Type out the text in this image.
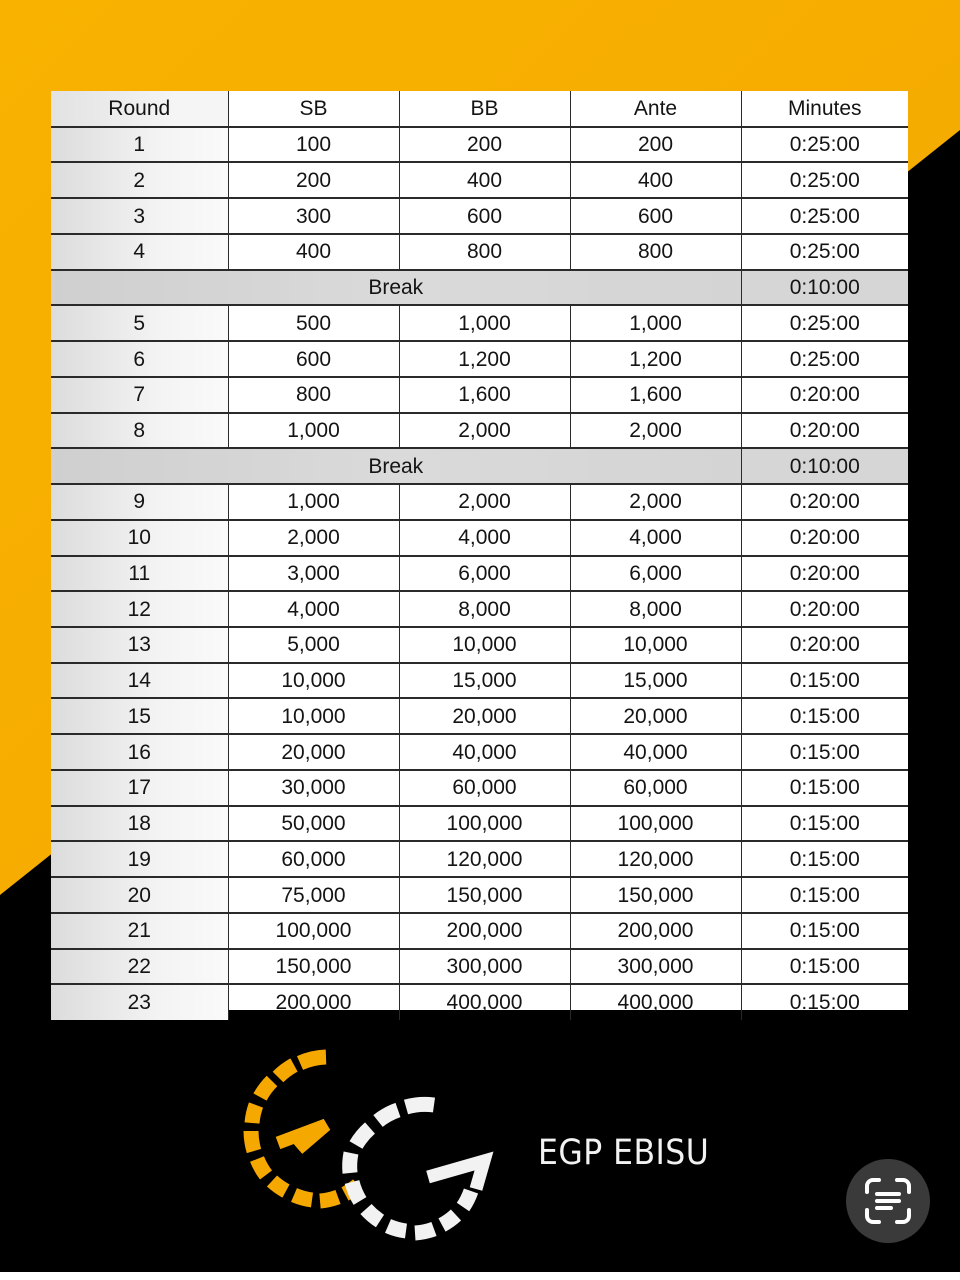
Round	SB	BB	Ante	Minutes
1	100	200	200	0:25:00
2	200	400	400	0:25:00
3	300	600	600	0:25:00
4	400	800	800	0:25:00
Break				0:10:00
5	500	1,000	1,000	0:25:00
6	600	1,200	1,200	0:25:00
7	800	1,600	1,600	0:20:00
8	1,000	2,000	2,000	0:20:00
Break				0:10:00
9	1,000	2,000	2,000	0:20:00
10	2,000	4,000	4,000	0:20:00
11	3,000	6,000	6,000	0:20:00
12	4,000	8,000	8,000	0:20:00
13	5,000	10,000	10,000	0:20:00
14	10,000	15,000	15,000	0:15:00
15	10,000	20,000	20,000	0:15:00
16	20,000	40,000	40,000	0:15:00
17	30,000	60,000	60,000	0:15:00
18	50,000	100,000	100,000	0:15:00
19	60,000	120,000	120,000	0:15:00
20	75,000	150,000	150,000	0:15:00
21	100,000	200,000	200,000	0:15:00
22	150,000	300,000	300,000	0:15:00
23	200,000	400,000	400,000	0:15:00
EGP EBISU
